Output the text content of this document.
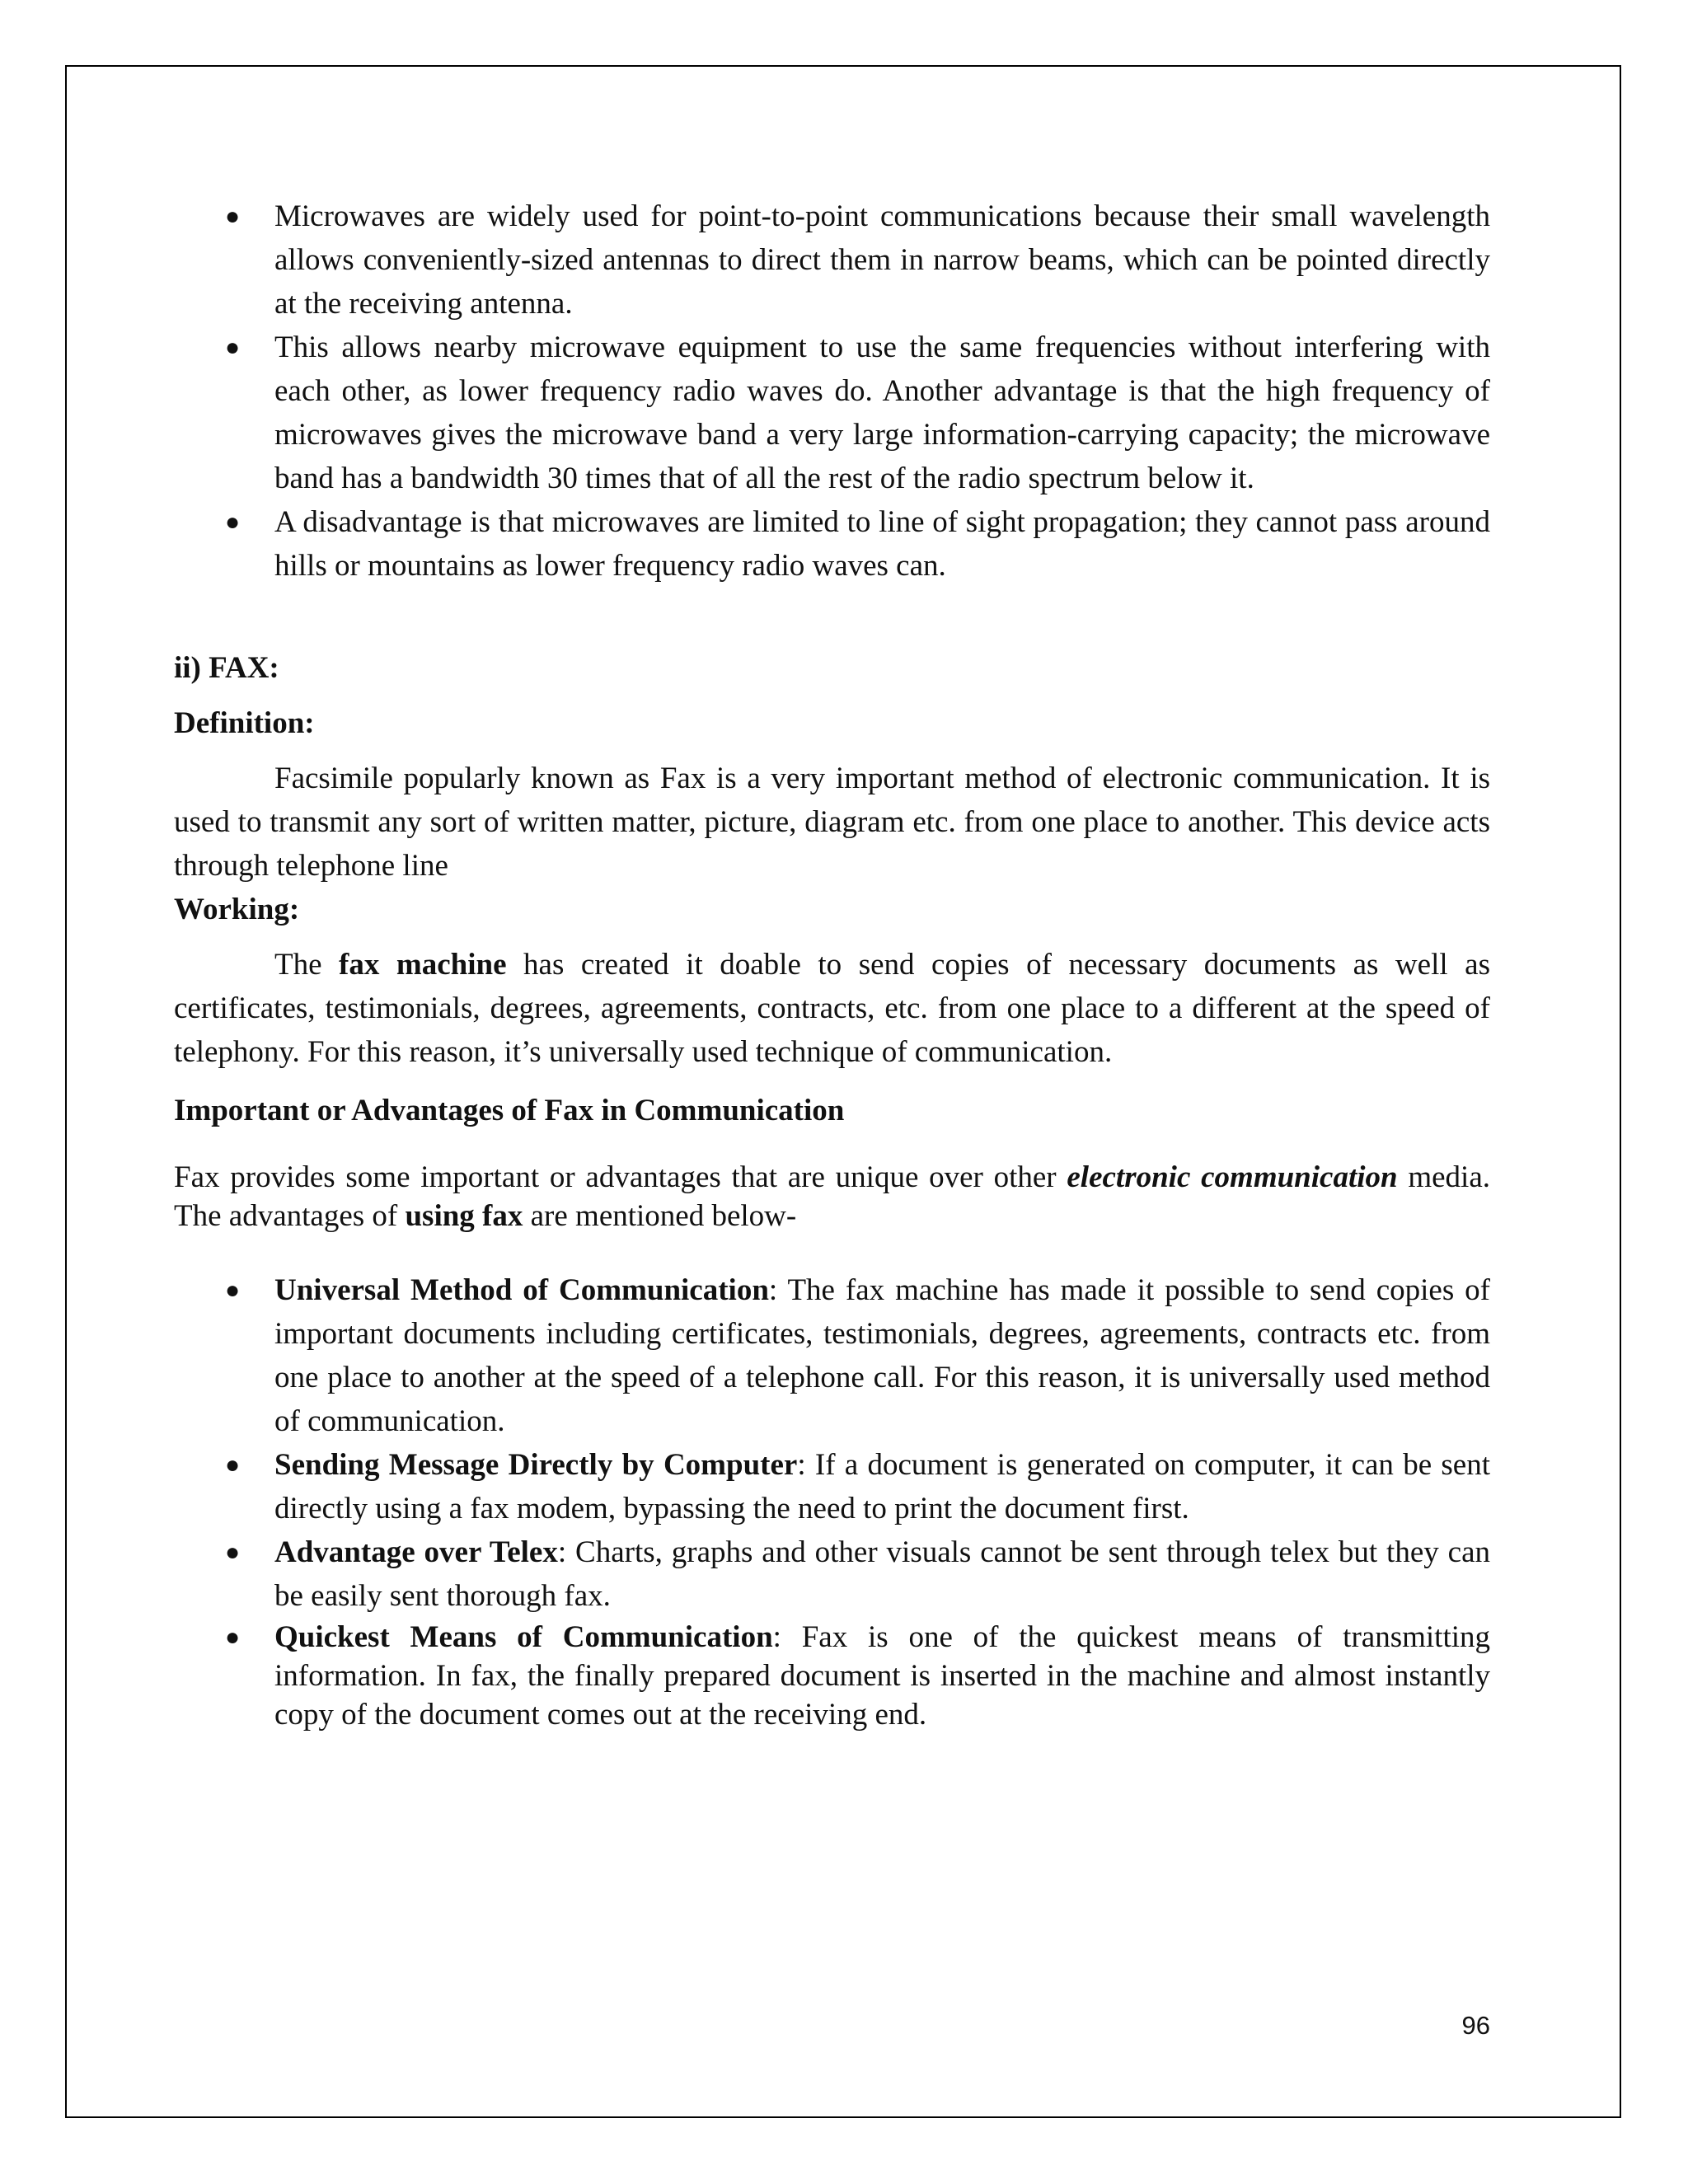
● Microwaves are widely used for point-to-point communications because their small wavelength allows conveniently-sized antennas to direct them in narrow beams, which can be pointed directly at the receiving antenna.
● This allows nearby microwave equipment to use the same frequencies without interfering with each other, as lower frequency radio waves do. Another advantage is that the high frequency of microwaves gives the microwave band a very large information-carrying capacity; the microwave band has a bandwidth 30 times that of all the rest of the radio spectrum below it.
● A disadvantage is that microwaves are limited to line of sight propagation; they cannot pass around hills or mountains as lower frequency radio waves can.

ii) FAX:

Definition:

Facsimile popularly known as Fax is a very important method of electronic communication. It is used to transmit any sort of written matter, picture, diagram etc. from one place to another. This device acts through telephone line

Working:

The fax machine has created it doable to send copies of necessary documents as well as certificates, testimonials, degrees, agreements, contracts, etc. from one place to a different at the speed of telephony. For this reason, it’s universally used technique of communication.

Important or Advantages of Fax in Communication

Fax provides some important or advantages that are unique over other electronic communication media. The advantages of using fax are mentioned below-

● Universal Method of Communication: The fax machine has made it possible to send copies of important documents including certificates, testimonials, degrees, agreements, contracts etc. from one place to another at the speed of a telephone call. For this reason, it is universally used method of communication.
● Sending Message Directly by Computer: If a document is generated on computer, it can be sent directly using a fax modem, bypassing the need to print the document first.
● Advantage over Telex: Charts, graphs and other visuals cannot be sent through telex but they can be easily sent thorough fax.
● Quickest Means of Communication: Fax is one of the quickest means of transmitting information. In fax, the finally prepared document is inserted in the machine and almost instantly copy of the document comes out at the receiving end.
96
